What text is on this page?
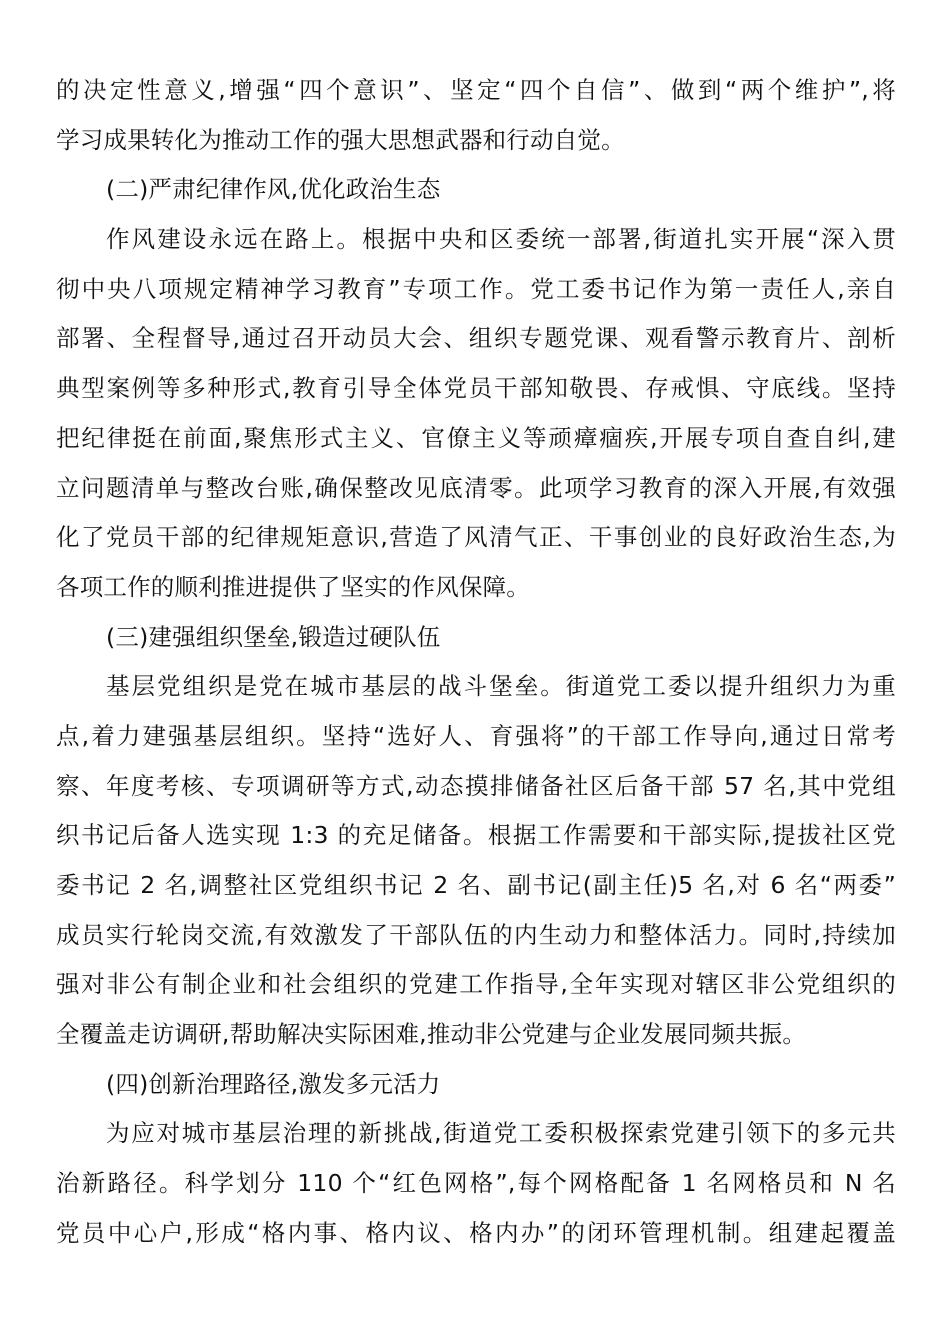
的决定性意义,增强“四个意识”、坚定“四个自信”、做到“两个维护”,将
学习成果转化为推动工作的强大思想武器和行动自觉。
(二)严肃纪律作风,优化政治生态
作风建设永远在路上。根据中央和区委统一部署,街道扎实开展“深入贯
彻中央八项规定精神学习教育”专项工作。党工委书记作为第一责任人,亲自
部署、全程督导,通过召开动员大会、组织专题党课、观看警示教育片、剖析
典型案例等多种形式,教育引导全体党员干部知敬畏、存戒惧、守底线。坚持
把纪律挺在前面,聚焦形式主义、官僚主义等顽瘴痼疾,开展专项自查自纠,建
立问题清单与整改台账,确保整改见底清零。此项学习教育的深入开展,有效强
化了党员干部的纪律规矩意识,营造了风清气正、干事创业的良好政治生态,为
各项工作的顺利推进提供了坚实的作风保障。
(三)建强组织堡垒,锻造过硬队伍
基层党组织是党在城市基层的战斗堡垒。街道党工委以提升组织力为重
点,着力建强基层组织。坚持“选好人、育强将”的干部工作导向,通过日常考
察、年度考核、专项调研等方式,动态摸排储备社区后备干部 57 名,其中党组
织书记后备人选实现 1:3 的充足储备。根据工作需要和干部实际,提拔社区党
委书记 2 名,调整社区党组织书记 2 名、副书记(副主任)5 名,对 6 名“两委”
成员实行轮岗交流,有效激发了干部队伍的内生动力和整体活力。同时,持续加
强对非公有制企业和社会组织的党建工作指导,全年实现对辖区非公党组织的
全覆盖走访调研,帮助解决实际困难,推动非公党建与企业发展同频共振。
(四)创新治理路径,激发多元活力
为应对城市基层治理的新挑战,街道党工委积极探索党建引领下的多元共
治新路径。科学划分 110 个“红色网格”,每个网格配备 1 名网格员和 N 名
党员中心户,形成“格内事、格内议、格内办”的闭环管理机制。组建起覆盖
